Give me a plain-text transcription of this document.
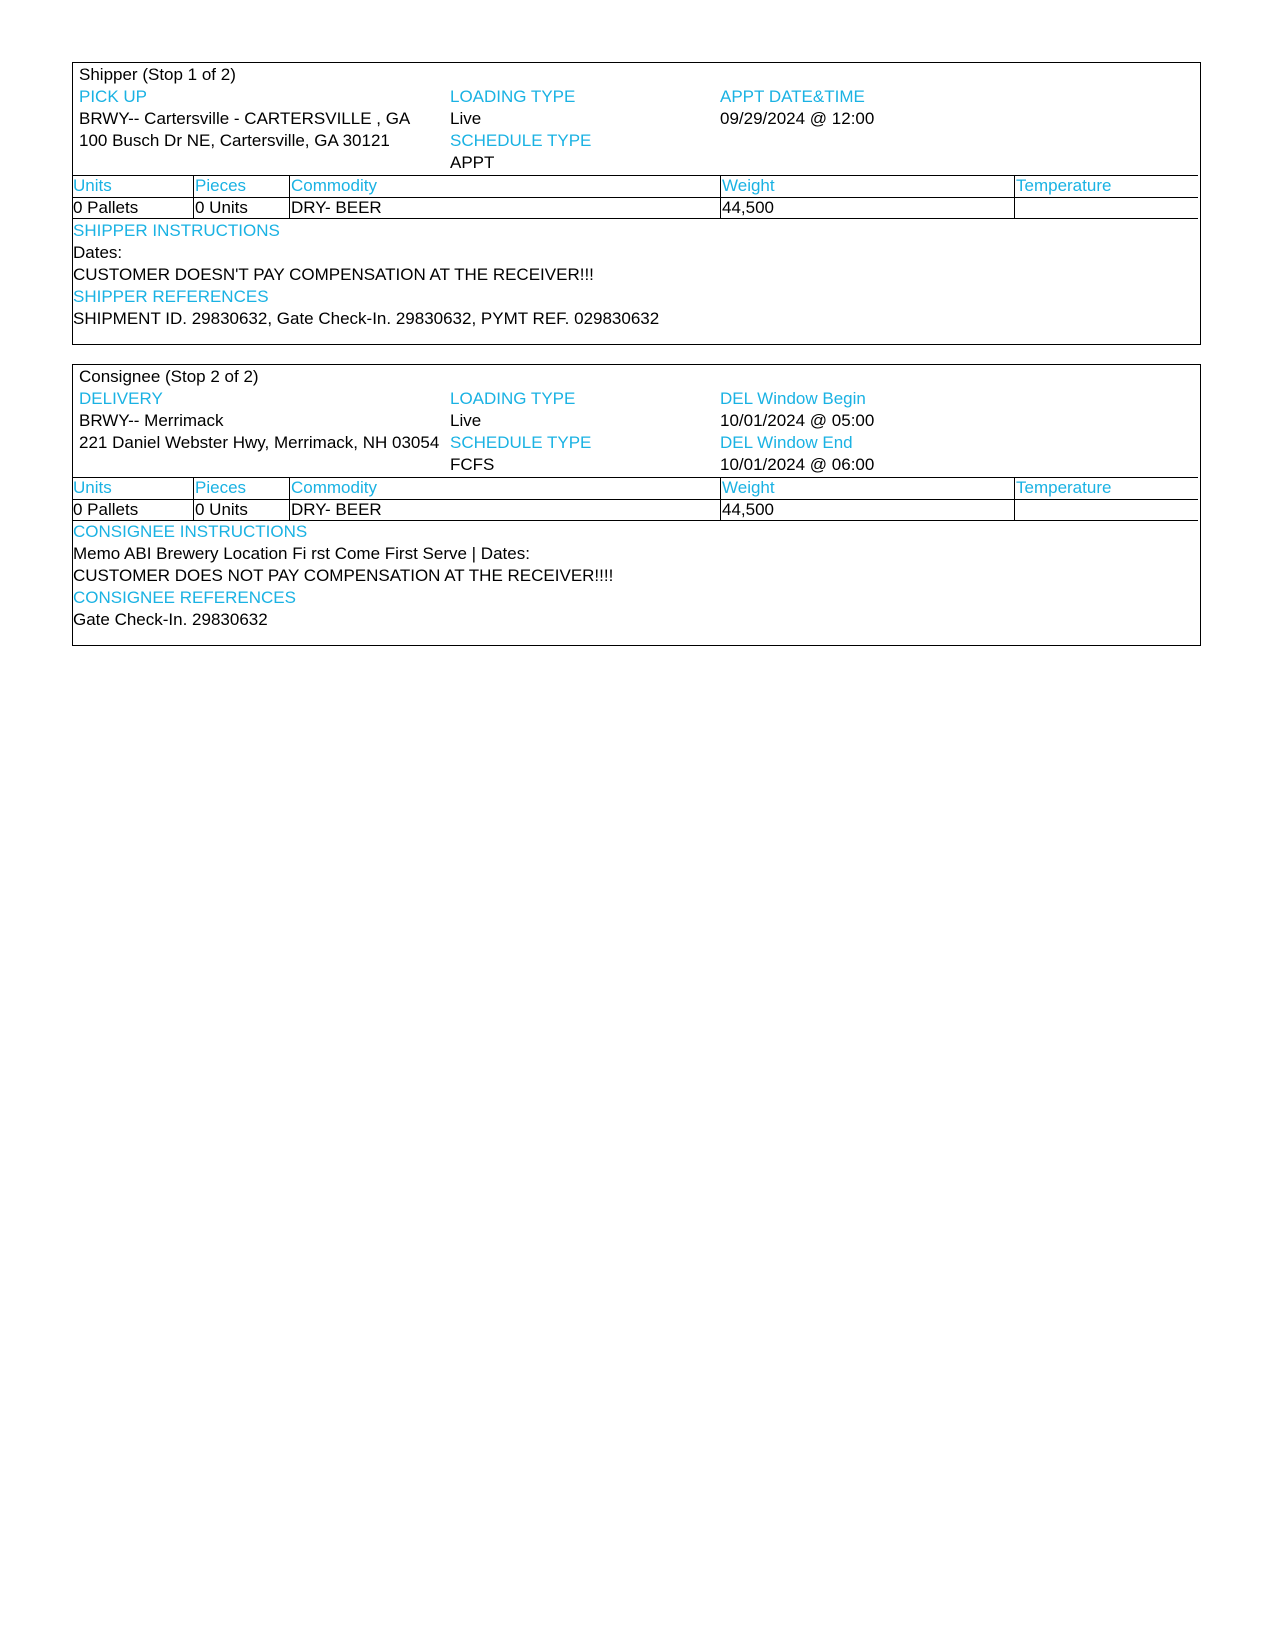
Shipper (Stop 1 of 2)
PICK UP
BRWY-- Cartersville - CARTERSVILLE , GA
100 Busch Dr NE, Cartersville, GA 30121
LOADING TYPE
Live
SCHEDULE TYPE
APPT
APPT DATE&TIME
09/29/2024 @ 12:00
Units	Pieces	Commodity	Weight	Temperature
0 Pallets	0 Units	DRY- BEER	44,500
SHIPPER INSTRUCTIONS
Dates:
CUSTOMER DOESN'T PAY COMPENSATION AT THE RECEIVER!!!
SHIPPER REFERENCES
SHIPMENT ID. 29830632, Gate Check-In. 29830632, PYMT REF. 029830632
Consignee (Stop 2 of 2)
DELIVERY
BRWY-- Merrimack
221 Daniel Webster Hwy, Merrimack, NH 03054
LOADING TYPE
Live
SCHEDULE TYPE
FCFS
DEL Window Begin
10/01/2024 @ 05:00
DEL Window End
10/01/2024 @ 06:00
Units	Pieces	Commodity	Weight	Temperature
0 Pallets	0 Units	DRY- BEER	44,500
CONSIGNEE INSTRUCTIONS
Memo ABI Brewery Location Fi rst Come First Serve | Dates:
CUSTOMER DOES NOT PAY COMPENSATION AT THE RECEIVER!!!!
CONSIGNEE REFERENCES
Gate Check-In. 29830632
